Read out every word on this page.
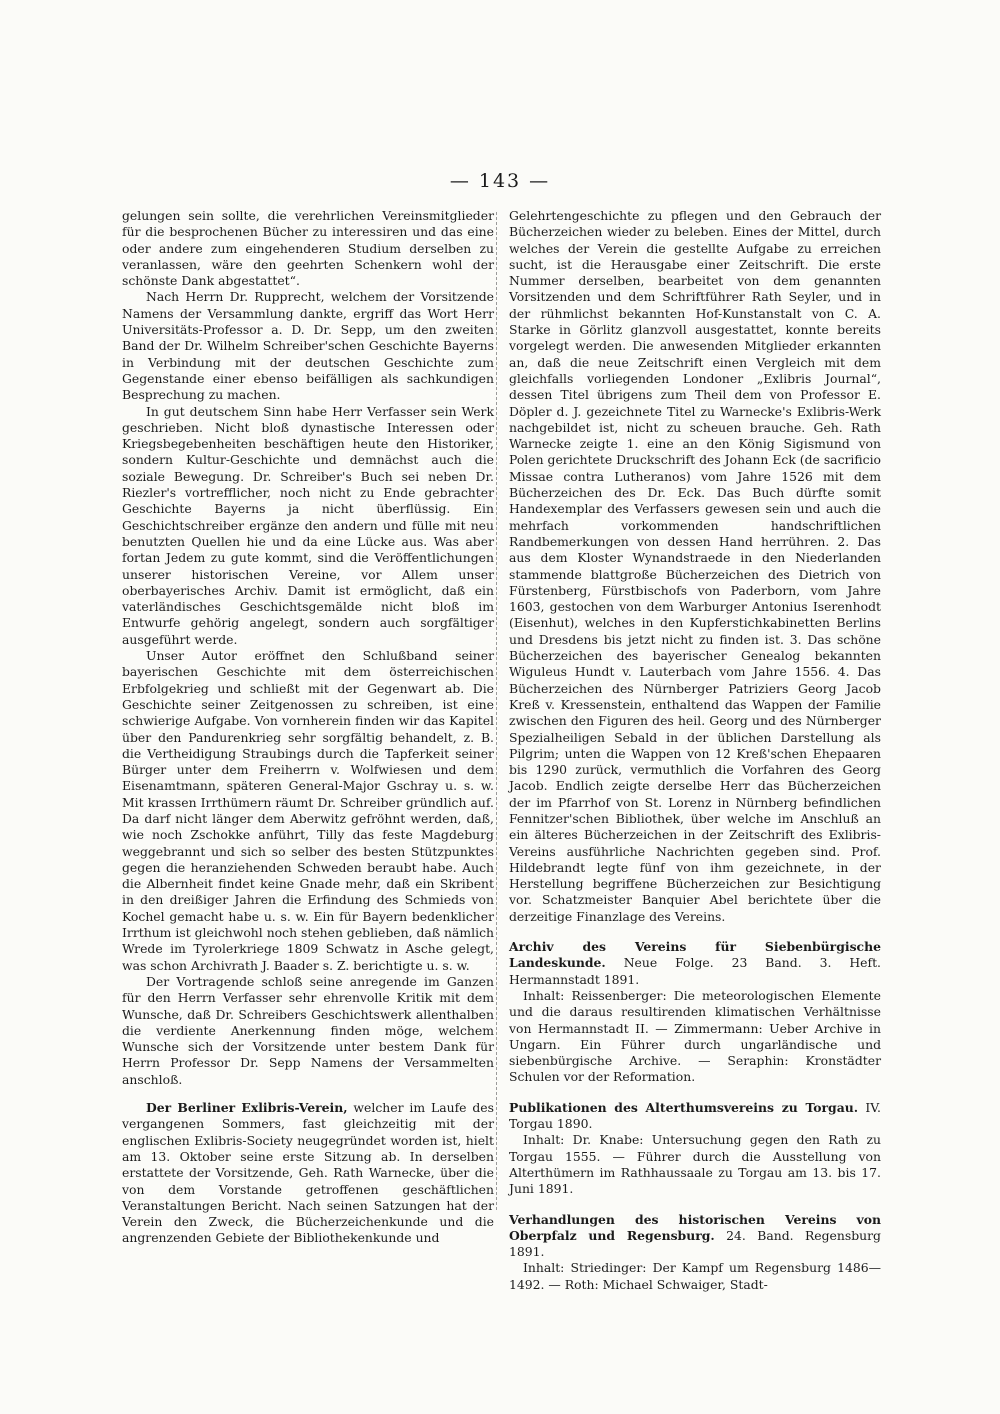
— 143 —

gelungen sein sollte, die verehrlichen Vereinsmitglieder für die besprochenen Bücher zu interessiren und das eine oder andere zum eingehenderen Studium derselben zu veranlassen, wäre den geehrten Schenkern wohl der schönste Dank abgestattet“.

Nach Herrn Dr. Rupprecht, welchem der Vorsitzende Namens der Versammlung dankte, ergriff das Wort Herr Universitäts-Professor a. D. Dr. Sepp, um den zweiten Band der Dr. Wilhelm Schreiber'schen Geschichte Bayerns in Verbindung mit der deutschen Geschichte zum Gegenstande einer ebenso beifälligen als sachkundigen Besprechung zu machen.

In gut deutschem Sinn habe Herr Verfasser sein Werk geschrieben. Nicht bloß dynastische Interessen oder Kriegsbegebenheiten beschäftigen heute den Historiker, sondern Kultur-Geschichte und demnächst auch die soziale Bewegung. Dr. Schreiber's Buch sei neben Dr. Riezler's vortrefflicher, noch nicht zu Ende gebrachter Geschichte Bayerns ja nicht überflüssig. Ein Geschichtschreiber ergänze den andern und fülle mit neu benutzten Quellen hie und da eine Lücke aus. Was aber fortan Jedem zu gute kommt, sind die Veröffentlichungen unserer historischen Vereine, vor Allem unser oberbayerisches Archiv. Damit ist ermöglicht, daß ein vaterländisches Geschichtsgemälde nicht bloß im Entwurfe gehörig angelegt, sondern auch sorgfältiger ausgeführt werde.

Unser Autor eröffnet den Schlußband seiner bayerischen Geschichte mit dem österreichischen Erbfolgekrieg und schließt mit der Gegenwart ab. Die Geschichte seiner Zeitgenossen zu schreiben, ist eine schwierige Aufgabe. Von vornherein finden wir das Kapitel über den Pandurenkrieg sehr sorgfältig behandelt, z. B. die Vertheidigung Straubings durch die Tapferkeit seiner Bürger unter dem Freiherrn v. Wolfwiesen und dem Eisenamtmann, späteren General-Major Gschray u. s. w. Mit krassen Irrthümern räumt Dr. Schreiber gründlich auf. Da darf nicht länger dem Aberwitz gefröhnt werden, daß, wie noch Zschokke anführt, Tilly das feste Magdeburg weggebrannt und sich so selber des besten Stützpunktes gegen die heranziehenden Schweden beraubt habe. Auch die Albernheit findet keine Gnade mehr, daß ein Skribent in den dreißiger Jahren die Erfindung des Schmieds von Kochel gemacht habe u. s. w. Ein für Bayern bedenklicher Irrthum ist gleichwohl noch stehen geblieben, daß nämlich Wrede im Tyrolerkriege 1809 Schwatz in Asche gelegt, was schon Archivrath J. Baader s. Z. berichtigte u. s. w.

Der Vortragende schloß seine anregende im Ganzen für den Herrn Verfasser sehr ehrenvolle Kritik mit dem Wunsche, daß Dr. Schreibers Geschichtswerk allenthalben die verdiente Anerkennung finden möge, welchem Wunsche sich der Vorsitzende unter bestem Dank für Herrn Professor Dr. Sepp Namens der Versammelten anschloß.

Der Berliner Exlibris-Verein, welcher im Laufe des vergangenen Sommers, fast gleichzeitig mit der englischen Exlibris-Society neugegründet worden ist, hielt am 13. Oktober seine erste Sitzung ab. In derselben erstattete der Vorsitzende, Geh. Rath Warnecke, über die von dem Vorstande getroffenen geschäftlichen Veranstaltungen Bericht. Nach seinen Satzungen hat der Verein den Zweck, die Bücherzeichenkunde und die angrenzenden Gebiete der Bibliothekenkunde und

Gelehrtengeschichte zu pflegen und den Gebrauch der Bücherzeichen wieder zu beleben. Eines der Mittel, durch welches der Verein die gestellte Aufgabe zu erreichen sucht, ist die Herausgabe einer Zeitschrift. Die erste Nummer derselben, bearbeitet von dem genannten Vorsitzenden und dem Schriftführer Rath Seyler, und in der rühmlichst bekannten Hof-Kunstanstalt von C. A. Starke in Görlitz glanzvoll ausgestattet, konnte bereits vorgelegt werden. Die anwesenden Mitglieder erkannten an, daß die neue Zeitschrift einen Vergleich mit dem gleichfalls vorliegenden Londoner „Exlibris Journal“, dessen Titel übrigens zum Theil dem von Professor E. Döpler d. J. gezeichnete Titel zu Warnecke's Exlibris-Werk nachgebildet ist, nicht zu scheuen brauche. Geh. Rath Warnecke zeigte 1. eine an den König Sigismund von Polen gerichtete Druckschrift des Johann Eck (de sacrificio Missae contra Lutheranos) vom Jahre 1526 mit dem Bücherzeichen des Dr. Eck. Das Buch dürfte somit Handexemplar des Verfassers gewesen sein und auch die mehrfach vorkommenden handschriftlichen Randbemerkungen von dessen Hand herrühren. 2. Das aus dem Kloster Wynandstraede in den Niederlanden stammende blattgroße Bücherzeichen des Dietrich von Fürstenberg, Fürstbischofs von Paderborn, vom Jahre 1603, gestochen von dem Warburger Antonius Iserenhodt (Eisenhut), welches in den Kupferstichkabinetten Berlins und Dresdens bis jetzt nicht zu finden ist. 3. Das schöne Bücherzeichen des bayerischer Genealog bekannten Wiguleus Hundt v. Lauterbach vom Jahre 1556. 4. Das Bücherzeichen des Nürnberger Patriziers Georg Jacob Kreß v. Kressenstein, enthaltend das Wappen der Familie zwischen den Figuren des heil. Georg und des Nürnberger Spezialheiligen Sebald in der üblichen Darstellung als Pilgrim; unten die Wappen von 12 Kreß'schen Ehepaaren bis 1290 zurück, vermuthlich die Vorfahren des Georg Jacob. Endlich zeigte derselbe Herr das Bücherzeichen der im Pfarrhof von St. Lorenz in Nürnberg befindlichen Fennitzer'schen Bibliothek, über welche im Anschluß an ein älteres Bücherzeichen in der Zeitschrift des Exlibris-Vereins ausführliche Nachrichten gegeben sind. Prof. Hildebrandt legte fünf von ihm gezeichnete, in der Herstellung begriffene Bücherzeichen zur Besichtigung vor. Schatzmeister Banquier Abel berichtete über die derzeitige Finanzlage des Vereins.

Archiv des Vereins für Siebenbürgische Landeskunde. Neue Folge. 23 Band. 3. Heft. Hermannstadt 1891.

Inhalt: Reissenberger: Die meteorologischen Elemente und die daraus resultirenden klimatischen Verhältnisse von Hermannstadt II. — Zimmermann: Ueber Archive in Ungarn. Ein Führer durch ungarländische und siebenbürgische Archive. — Seraphin: Kronstädter Schulen vor der Reformation.

Publikationen des Alterthumsvereins zu Torgau. IV. Torgau 1890.

Inhalt: Dr. Knabe: Untersuchung gegen den Rath zu Torgau 1555. — Führer durch die Ausstellung von Alterthümern im Rathhaussaale zu Torgau am 13. bis 17. Juni 1891.

Verhandlungen des historischen Vereins von Oberpfalz und Regensburg. 24. Band. Regensburg 1891.

Inhalt: Striedinger: Der Kampf um Regensburg 1486—1492. — Roth: Michael Schwaiger, Stadt-
